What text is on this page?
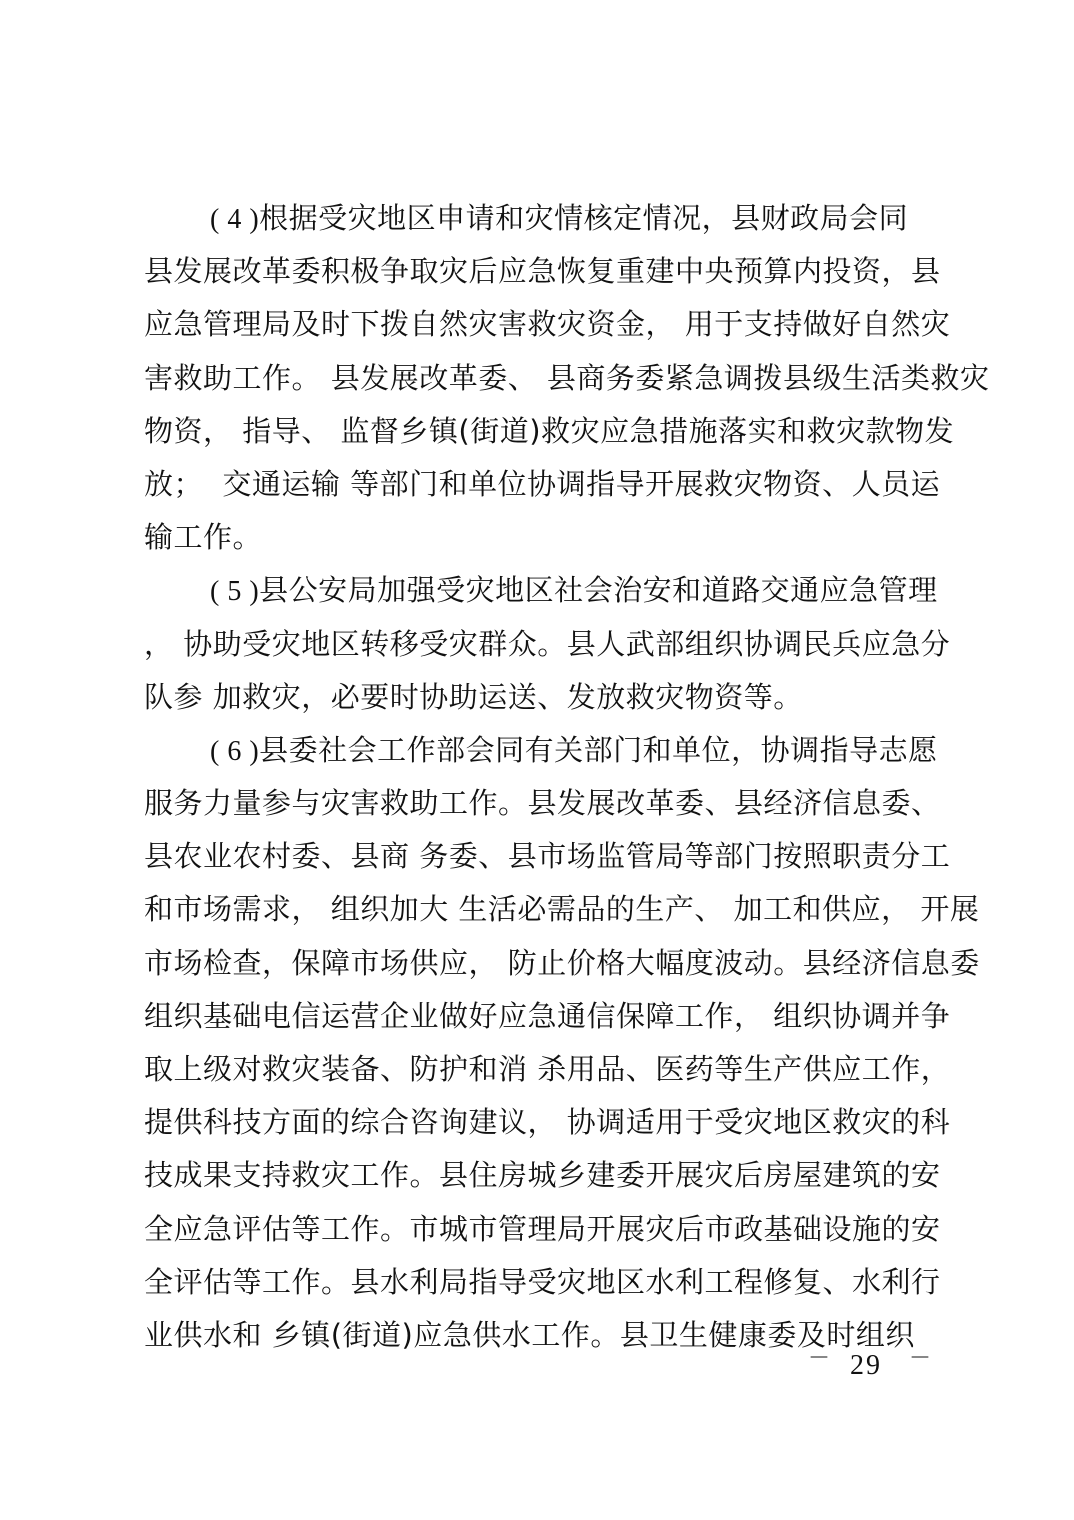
( 4 )根据受灾地区申请和灾情核定情况，县财政局会同
县发展改革委积极争取灾后应急恢复重建中央预算内投资，县
应急管理局及时下拨自然灾害救灾资金， 用于支持做好自然灾
害救助工作。 县发展改革委、 县商务委紧急调拨县级生活类救灾
物资， 指导、 监督乡镇(街道)救灾应急措施落实和救灾款物发
放；  交通运输 等部门和单位协调指导开展救灾物资、人员运
输工作。
( 5 )县公安局加强受灾地区社会治安和道路交通应急管理
， 协助受灾地区转移受灾群众。县人武部组织协调民兵应急分
队参 加救灾，必要时协助运送、发放救灾物资等。
( 6 )县委社会工作部会同有关部门和单位，协调指导志愿
服务力量参与灾害救助工作。县发展改革委、县经济信息委、
县农业农村委、县商 务委、县市场监管局等部门按照职责分工
和市场需求， 组织加大 生活必需品的生产、 加工和供应， 开展
市场检查，保障市场供应， 防止价格大幅度波动。县经济信息委
组织基础电信运营企业做好应急通信保障工作， 组织协调并争
取上级对救灾装备、防护和消 杀用品、医药等生产供应工作，
提供科技方面的综合咨询建议， 协调适用于受灾地区救灾的科
技成果支持救灾工作。县住房城乡建委开展灾后房屋建筑的安
全应急评估等工作。市城市管理局开展灾后市政基础设施的安
全评估等工作。县水利局指导受灾地区水利工程修复、水利行
业供水和 乡镇(街道)应急供水工作。县卫生健康委及时组织
－ 29 －
